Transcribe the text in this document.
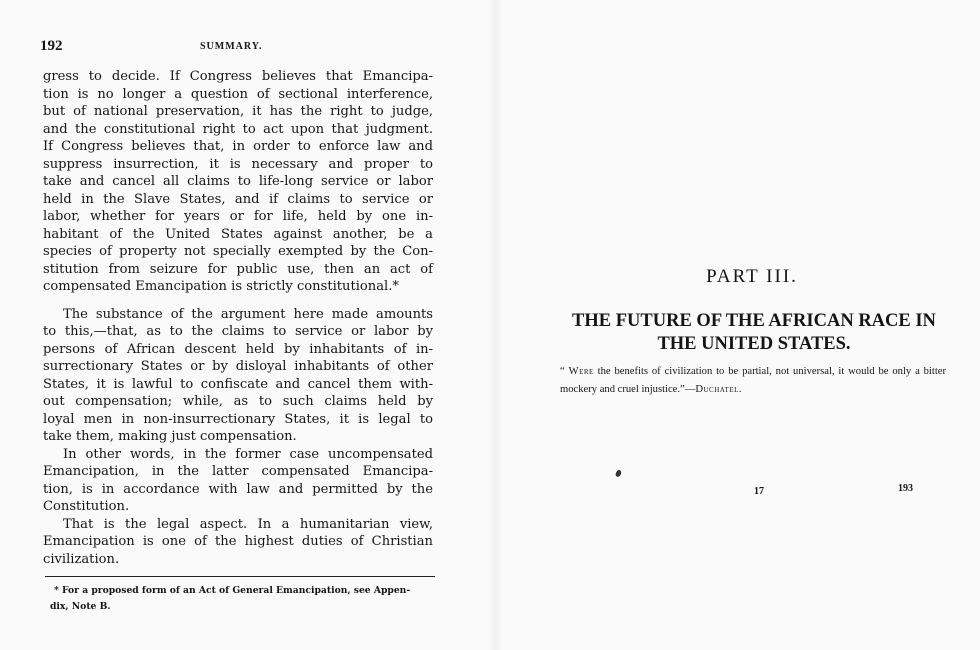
192	SUMMARY.

gress to decide. If Congress believes that Emancipa-

tion is no longer a question of sectional interference,

but of national preservation, it has the right to judge,

and the constitutional right to act upon that judgment.

If Congress believes that, in order to enforce law and

suppress insurrection, it is necessary and proper to

take and cancel all claims to life-long service or labor

held in the Slave States, and if claims to service or

labor, whether for years or for life, held by one in-

habitant of the United States against another, be a

species of property not specially exempted by the Con-

stitution from seizure for public use, then an act of

compensated Emancipation is strictly constitutional.*

The substance of the argument here made amounts

to this,—that, as to the claims to service or labor by

persons of African descent held by inhabitants of in-

surrectionary States or by disloyal inhabitants of other

States, it is lawful to confiscate and cancel them with-

out compensation; while, as to such claims held by

loyal men in non-insurrectionary States, it is legal to

take them, making just compensation.

In other words, in the former case uncompensated

Emancipation, in the latter compensated Emancipa-

tion, is in accordance with law and permitted by the

Constitution.

That is the legal aspect. In a humanitarian view,

Emancipation is one of the highest duties of Christian

civilization.

* For a proposed form of an Act of General Emancipation, see Appen-
dix, Note B.
PART III.
THE FUTURE OF THE AFRICAN RACE IN
THE UNITED STATES.
“ Were the benefits of civilization to be partial, not universal, it would be only a bitter mockery and cruel injustice.”—Duchatel.
17	193
